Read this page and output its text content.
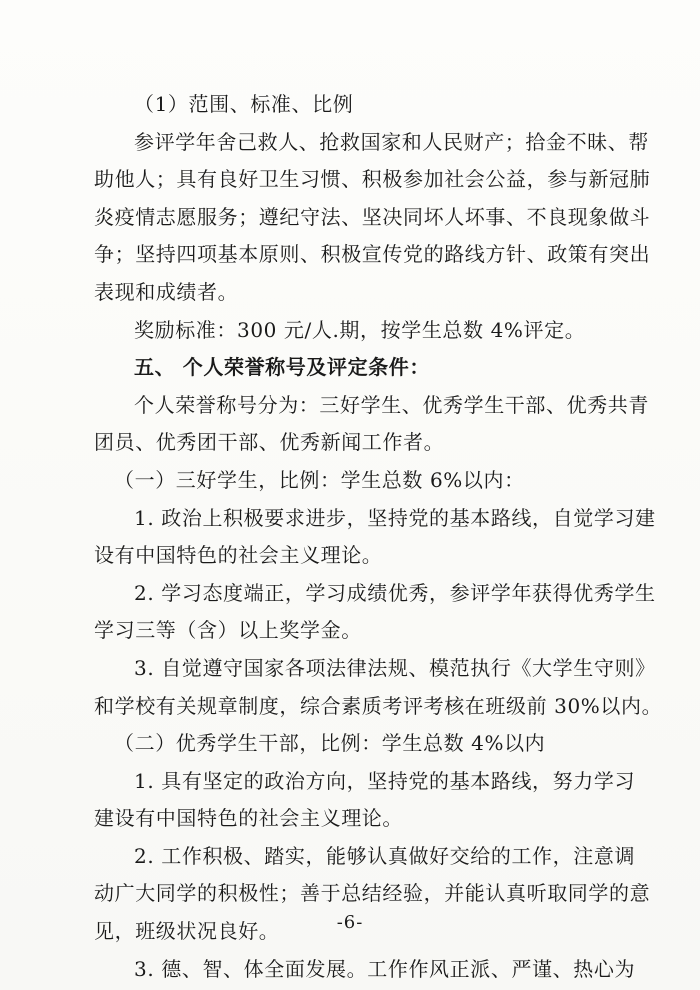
（1）范围、标准、比例

参评学年舍己救人、抢救国家和人民财产；拾金不昧、帮

助他人；具有良好卫生习惯、积极参加社会公益，参与新冠肺

炎疫情志愿服务；遵纪守法、坚决同坏人坏事、不良现象做斗

争；坚持四项基本原则、积极宣传党的路线方针、政策有突出

表现和成绩者。

奖励标准：300 元/人.期，按学生总数 4%评定。

五、 个人荣誉称号及评定条件：

个人荣誉称号分为：三好学生、优秀学生干部、优秀共青

团员、优秀团干部、优秀新闻工作者。

（一）三好学生，比例：学生总数 6%以内：

1. 政治上积极要求进步，坚持党的基本路线，自觉学习建

设有中国特色的社会主义理论。

2. 学习态度端正，学习成绩优秀，参评学年获得优秀学生

学习三等（含）以上奖学金。

3. 自觉遵守国家各项法律法规、模范执行《大学生守则》

和学校有关规章制度，综合素质考评考核在班级前 30%以内。

（二）优秀学生干部，比例：学生总数 4%以内

1. 具有坚定的政治方向，坚持党的基本路线，努力学习

建设有中国特色的社会主义理论。

2. 工作积极、踏实，能够认真做好交给的工作，注意调

动广大同学的积极性；善于总结经验，并能认真听取同学的意

见，班级状况良好。

3. 德、智、体全面发展。工作作风正派、严谨、热心为

-6-
